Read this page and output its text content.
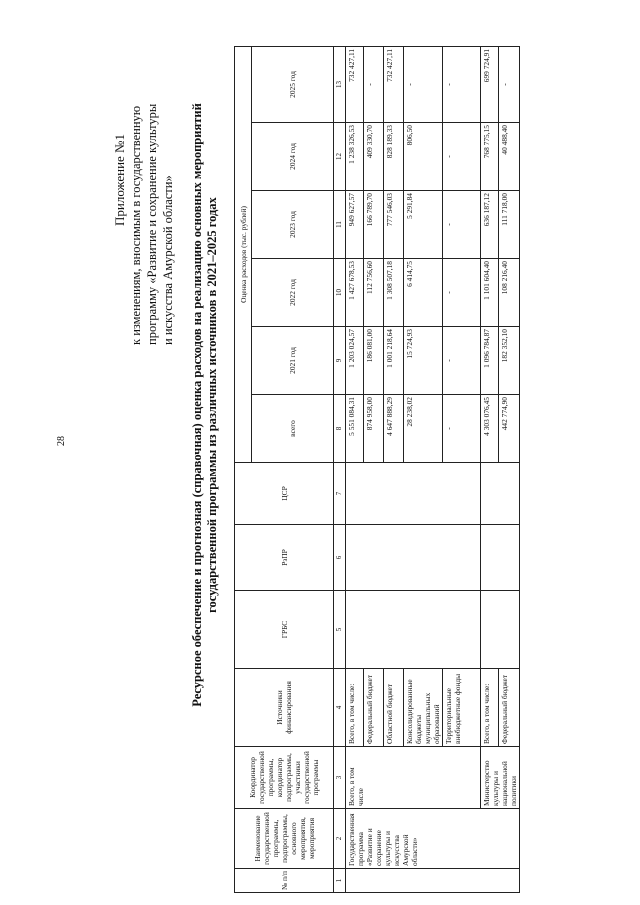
28
Приложение №1 к изменениям, вносимым в государственную программу «Развитие и сохранение культуры и искусства Амурской области» Ресурсное обеспечение и прогнозная (справочная) оценка расходов на реализацию основных мероприятий государственной программы из различных источников в 2021–2025 годах
№ п/п	Наименование государственной программы, подпрограммы, основного мероприятия, мероприятия	Координатор государственной программы, координатор подпрограммы, участники государственной программы	Источники финансирования	ГРБС	РзПР	ЦСР	Оценка расходов (тыс. рублей)					
							всего	2021 год	2022 год	2023 год	2024 год	2025 год
1	2	3	4	5	6	7	8	9	10	11	12	13
	Государственная программа «Развитие и сохранение культуры и искусства Амурской области»	Всего, в том числе	Всего, в том числе:				5 551 084,31	1 203 024,57	1 427 678,53	949 627,57	1 238 326,53	732 427,11
			Федеральный бюджет				874 958,00	186 081,00	112 756,60	166 789,70	409 330,70	-
			Областной бюджет				4 647 888,29	1 001 218,64	1 308 507,18	777 546,03	828 189,33	732 427,11
			Консолидированные бюджеты муниципальных образований				28 238,02	15 724,93	6 414,75	5 291,84	806,50	-
			Территориальные внебюджетные фонды				-	-	-	-	-	-
		Министерство культуры и национальной политики	Всего, в том числе:				4 303 076,45	1 096 784,87	1 101 604,40	636 187,12	768 775,15	699 724,91
			Федеральный бюджет				442 774,90	182 352,10	108 216,40	111 718,00	40 488,40	-
